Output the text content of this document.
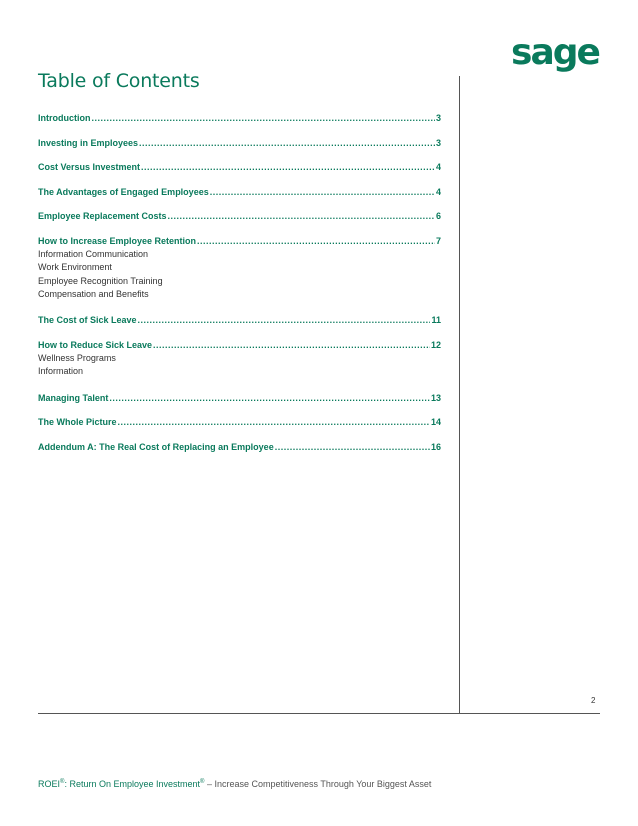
sage
Table of Contents
Introduction .....	3
Investing in Employees .....	3
Cost Versus Investment .....	4
The Advantages of Engaged Employees .....	4
Employee Replacement Costs .....	6
How to Increase Employee Retention .....	7
Information Communication
Work Environment
Employee Recognition Training
Compensation and Benefits
The Cost of Sick Leave .....	11
How to Reduce Sick Leave .....	12
Wellness Programs
Information
Managing Talent .....	13
The Whole Picture .....	14
Addendum A: The Real Cost of Replacing an Employee .....	16
2
ROEI®: Return On Employee Investment® – Increase Competitiveness Through Your Biggest Asset
